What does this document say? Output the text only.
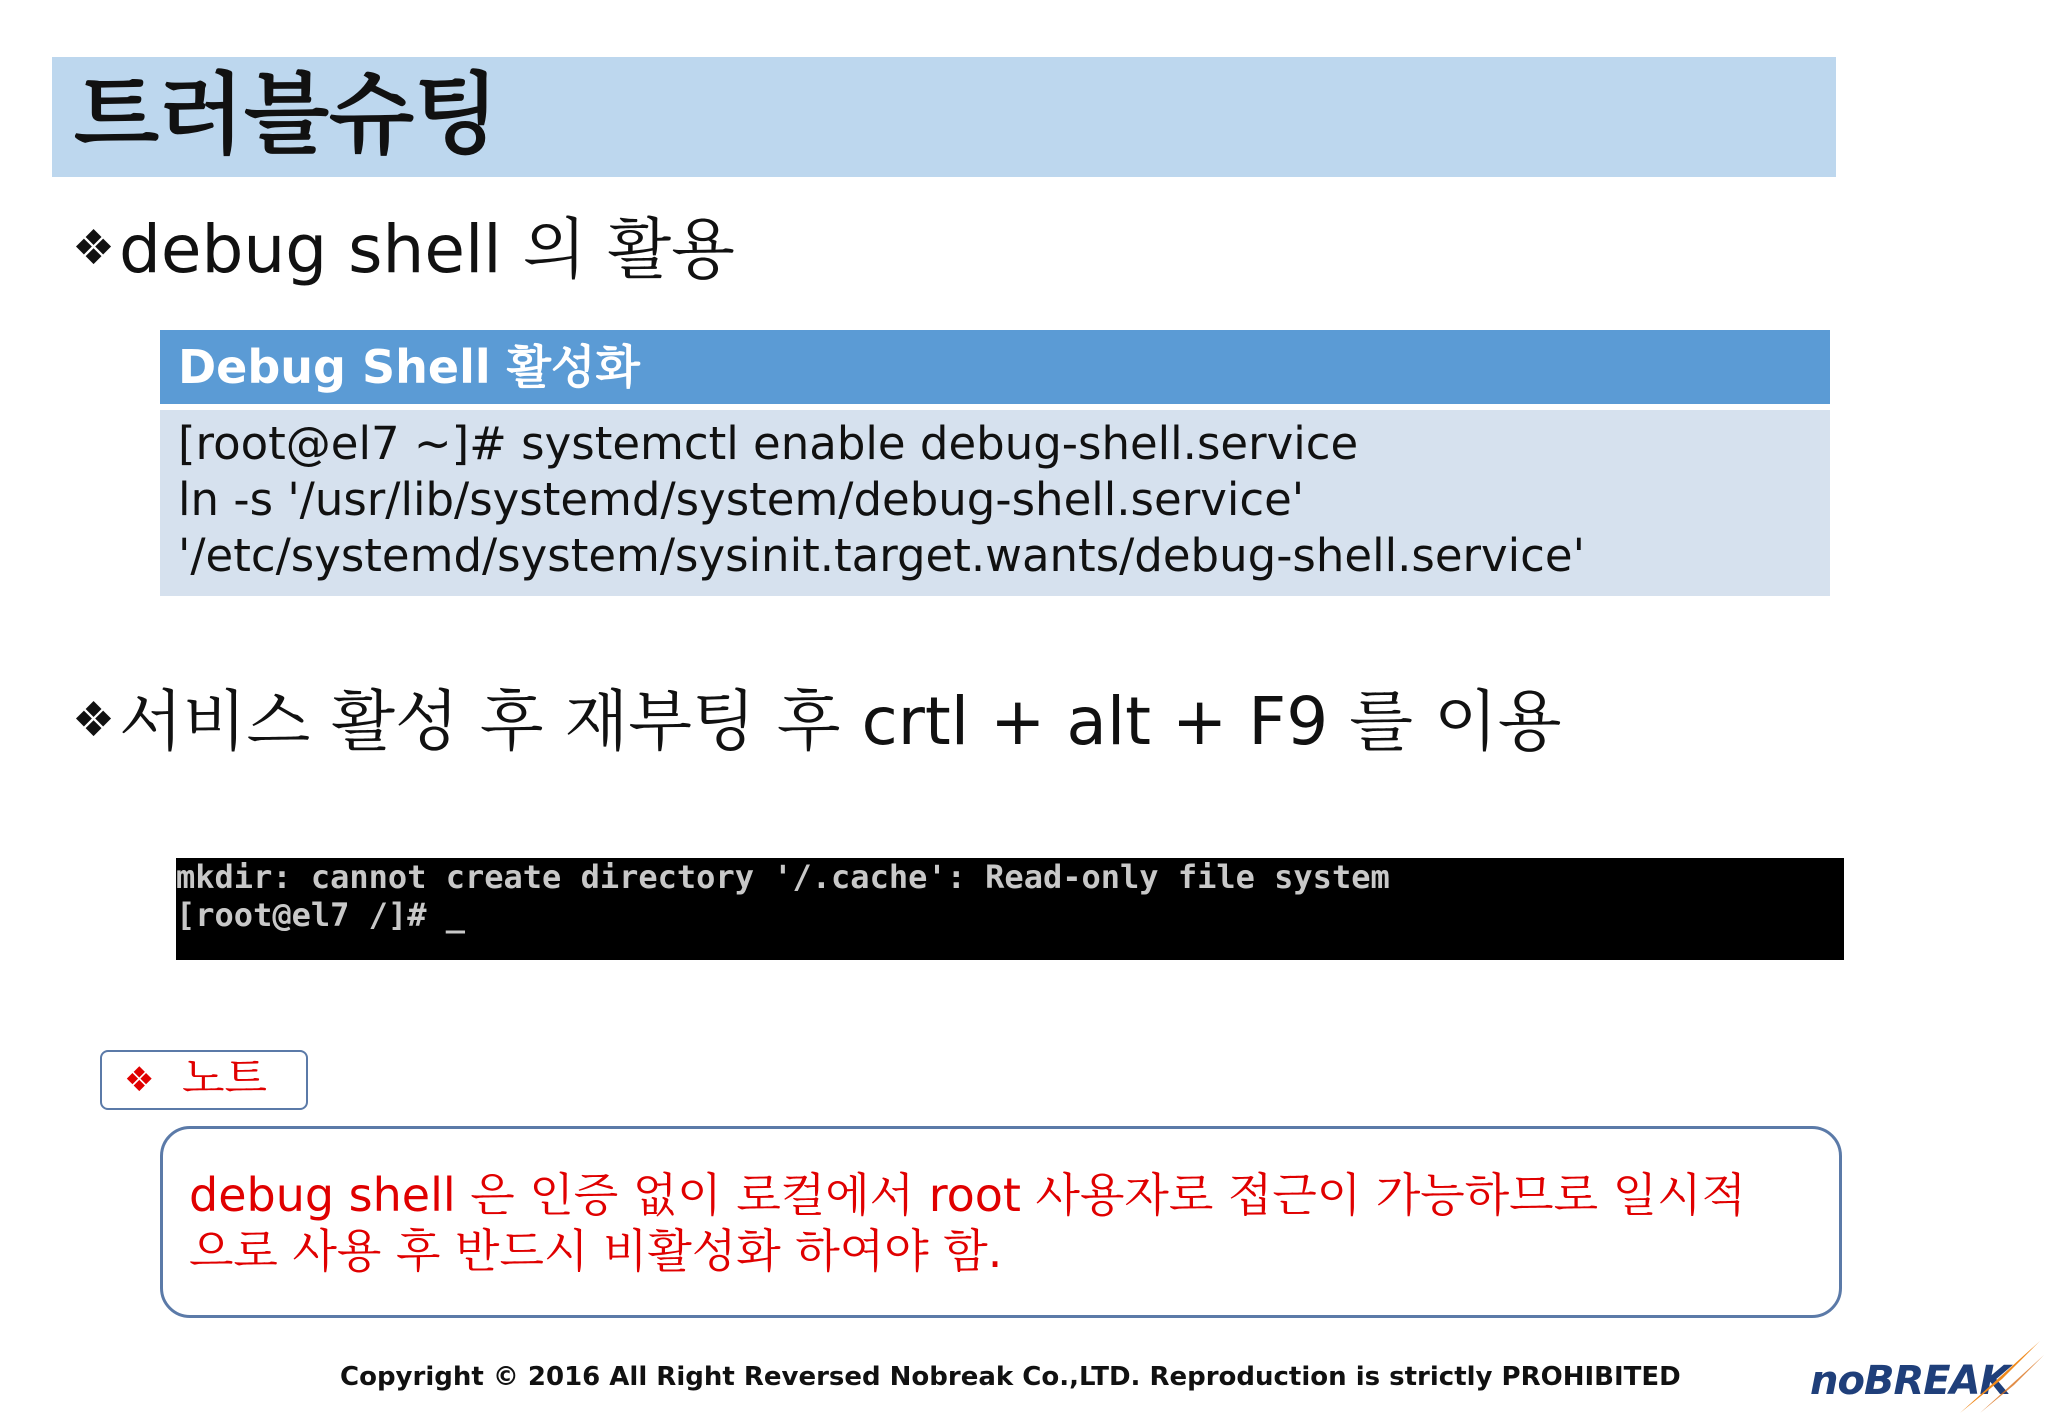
트러블슈팅
❖debug shell 의 활용
Debug Shell 활성화
[root@el7 ~]# systemctl enable debug-shell.service
ln -s '/usr/lib/systemd/system/debug-shell.service'
'/etc/systemd/system/sysinit.target.wants/debug-shell.service'
❖서비스 활성 후 재부팅 후 crtl + alt + F9 를 이용
mkdir: cannot create directory '/.cache': Read-only file system
[root@el7 /]# _
❖ 노트
debug shell 은 인증 없이 로컬에서 root 사용자로 접근이 가능하므로 일시적
으로 사용 후 반드시 비활성화 하여야 함.
Copyright © 2016 All Right Reversed Nobreak Co.,LTD. Reproduction is strictly PROHIBITED	noBREAK
